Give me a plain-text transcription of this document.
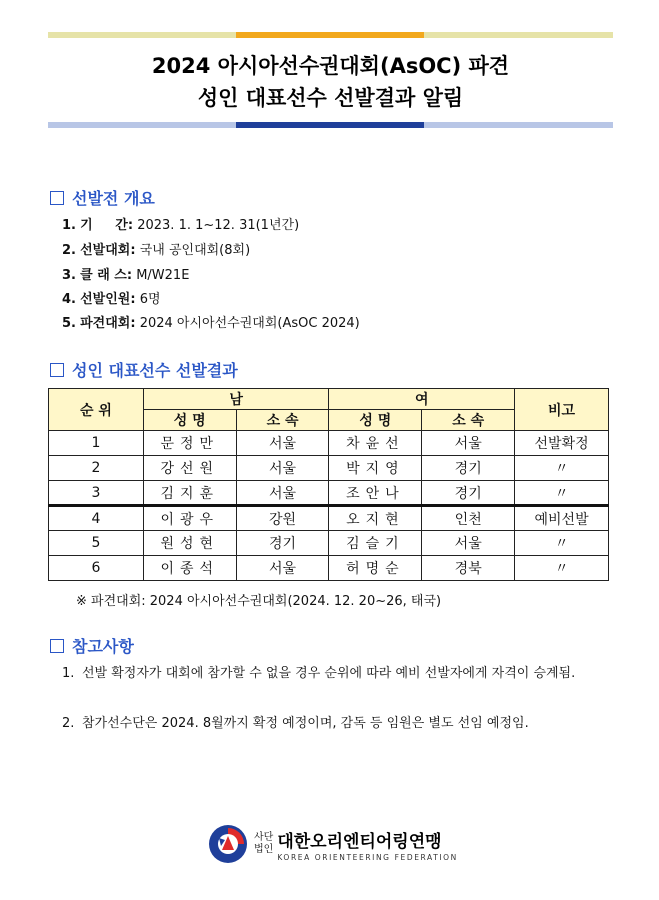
2024 아시아선수권대회(AsOC) 파견
성인 대표선수 선발결과 알림
선발전 개요
1. 기     간: 2023. 1. 1~12. 31(1년간)
2. 선발대회: 국내 공인대회(8회)
3. 클 래 스: M/W21E
4. 선발인원: 6명
5. 파견대회: 2024 아시아선수권대회(AsOC 2024)
성인 대표선수 선발결과
순 위	남		여		비고
	성 명	소 속	성 명	소 속	
1	문정만	서울	차윤선	서울	선발확정
2	강선원	서울	박지영	경기	〃
3	김지훈	서울	조안나	경기	〃
4	이광우	강원	오지현	인천	예비선발
5	원성현	경기	김슬기	서울	〃
6	이종석	서울	허명순	경북	〃
※ 파견대회: 2024 아시아선수권대회(2024. 12. 20~26, 태국)
참고사항
1. 선발 확정자가 대회에 참가할 수 없을 경우 순위에 따라 예비 선발자에게 자격이 승계됨.
2. 참가선수단은 2024. 8월까지 확정 예정이며, 감독 등 임원은 별도 선임 예정임.
사단
법인 대한오리엔티어링연맹
KOREA ORIENTEERING FEDERATION
